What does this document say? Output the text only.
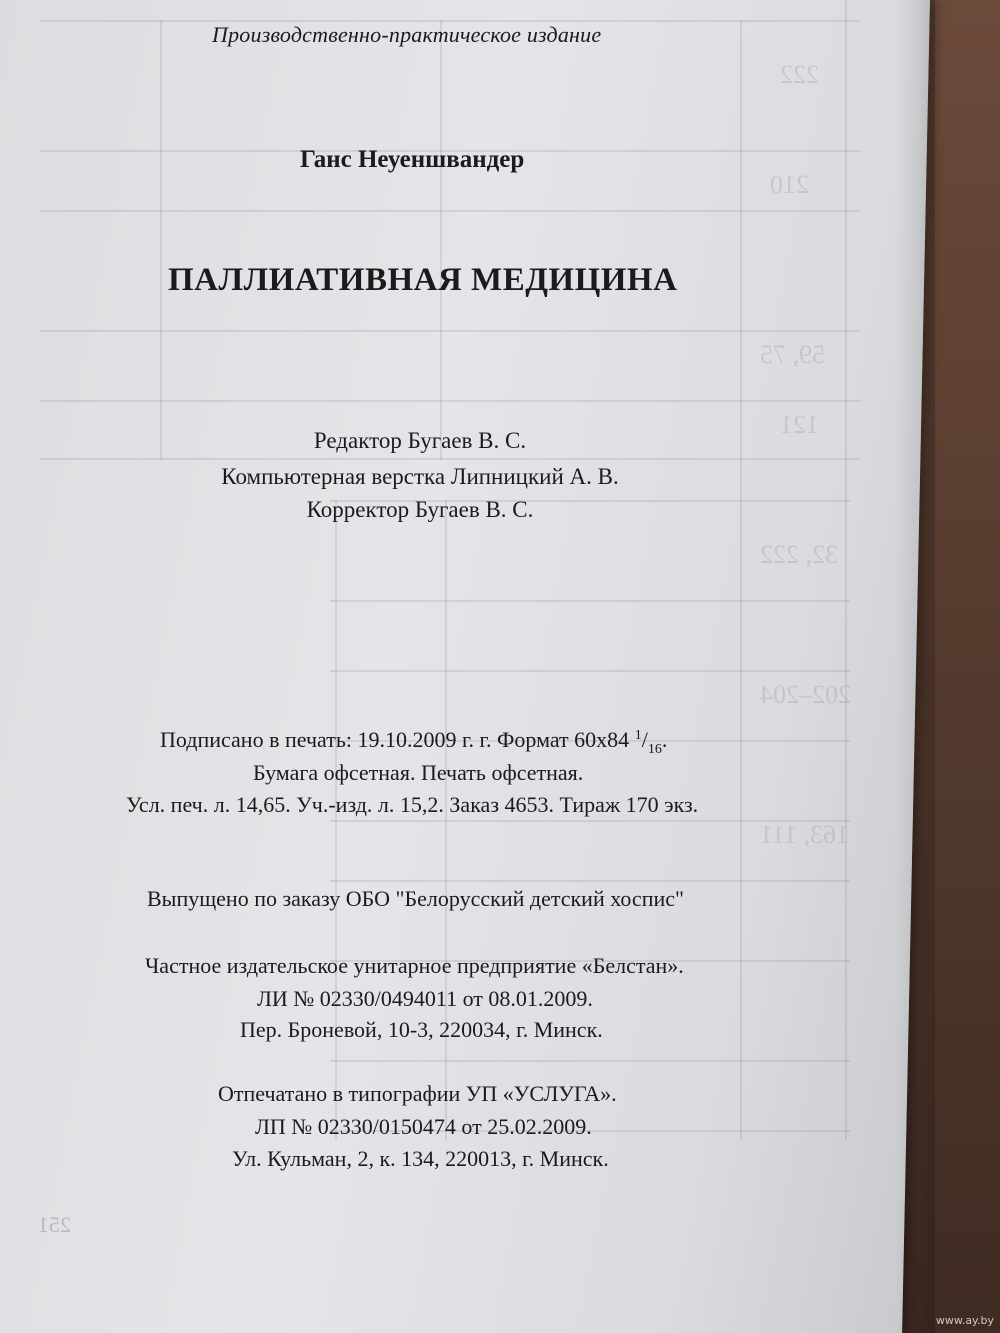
Производственно-практическое издание

Ганс Неуеншвандер

ПАЛЛИАТИВНАЯ МЕДИЦИНА

Редактор Бугаев В. С.

Компьютерная верстка Липницкий А. В.

Корректор Бугаев В. С.

Подписано в печать: 19.10.2009 г. г. Формат 60x84 $^1/_{16}$.

Бумага офсетная. Печать офсетная.

Усл. печ. л. 14,65. Уч.-изд. л. 15,2. Заказ 4653. Тираж 170 экз.

Выпущено по заказу ОБО "Белорусский детский хоспис"

Частное издательское унитарное предприятие «Белстан».

ЛИ № 02330/0494011 от 08.01.2009.

Пер. Броневой, 10-3, 220034, г. Минск.

Отпечатано в типографии УП «УСЛУГА».

ЛП № 02330/0150474 от 25.02.2009.

Ул. Кульман, 2, к. 134, 220013, г. Минск.

251

www.ay.by
